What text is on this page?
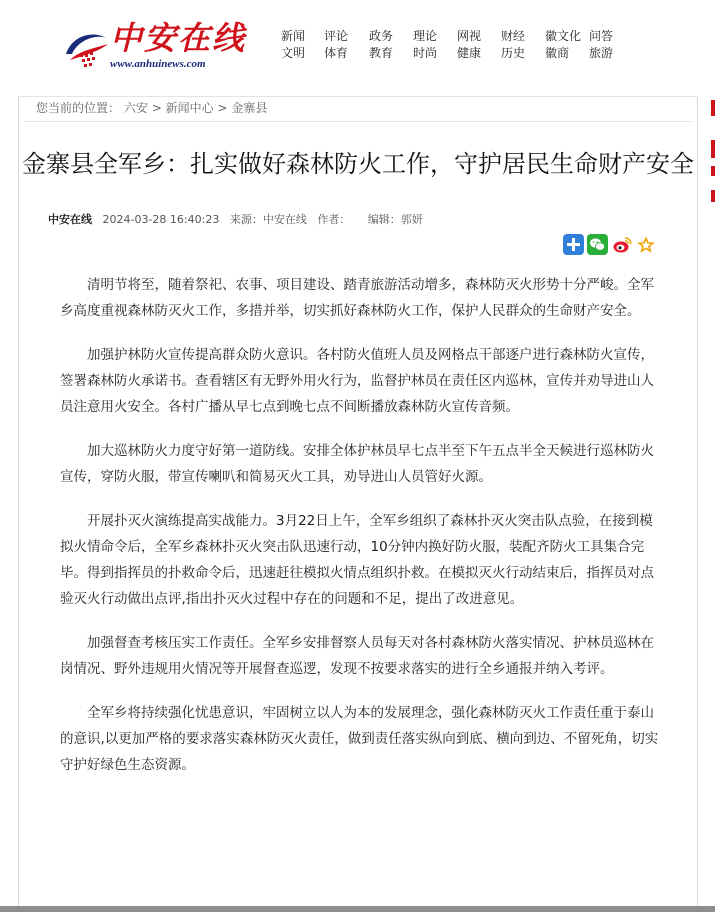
中安在线
www.anhuinews.com
新闻	评论	政务	理论	网视	财经	徽文化 问答
文明	体育	教育	时尚	健康	历史	徽商	旅游
您当前的位置： 六安 > 新闻中心 > 金寨县
金寨县全军乡：扎实做好森林防火工作，守护居民生命财产安全
中安在线 2024-03-28 16:40:23 来源：中安在线 作者： 编辑：郭妍

清明节将至，随着祭祀、农事、项目建设、踏青旅游活动增多，森林防灭火形势十分严峻。全军乡高度重视森林防灭火工作，多措并举，切实抓好森林防火工作，保护人民群众的生命财产安全。

加强护林防火宣传提高群众防火意识。各村防火值班人员及网格点干部逐户进行森林防火宣传，签署森林防火承诺书。查看辖区有无野外用火行为，监督护林员在责任区内巡林，宣传并劝导进山人员注意用火安全。各村广播从早七点到晚七点不间断播放森林防火宣传音频。

加大巡林防火力度守好第一道防线。安排全体护林员早七点半至下午五点半全天候进行巡林防火宣传，穿防火服，带宣传喇叭和简易灭火工具，劝导进山人员管好火源。

开展扑灭火演练提高实战能力。3月22日上午，全军乡组织了森林扑灭火突击队点验，在接到模拟火情命令后，全军乡森林扑灭火突击队迅速行动，10分钟内换好防火服，装配齐防火工具集合完毕。得到指挥员的扑救命令后，迅速赶往模拟火情点组织扑救。在模拟灭火行动结束后，指挥员对点验灭火行动做出点评,指出扑灭火过程中存在的问题和不足，提出了改进意见。

加强督查考核压实工作责任。全军乡安排督察人员每天对各村森林防火落实情况、护林员巡林在岗情况、野外违规用火情况等开展督查巡逻，发现不按要求落实的进行全乡通报并纳入考评。

全军乡将持续强化忧患意识，牢固树立以人为本的发展理念，强化森林防灭火工作责任重于泰山的意识,以更加严格的要求落实森林防灭火责任，做到责任落实纵向到底、横向到边、不留死角，切实守护好绿色生态资源。
